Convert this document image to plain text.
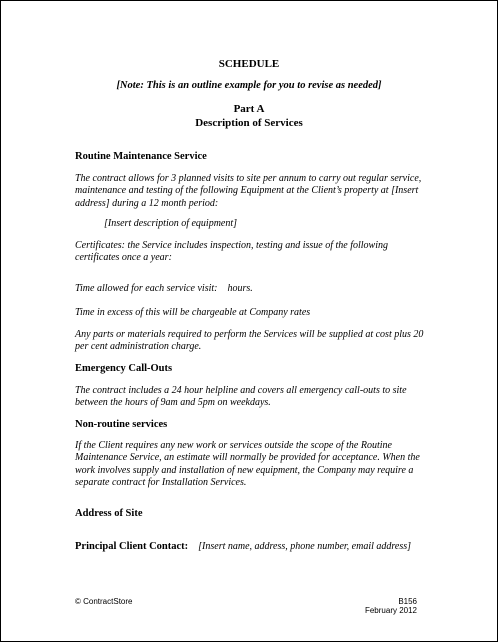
SCHEDULE
[Note: This is an outline example for you to revise as needed]
Part A
Description of Services
Routine Maintenance Service
The contract allows for 3 planned visits to site per annum to carry out regular service, maintenance and testing of the following Equipment at the Client’s property at [Insert address] during a 12 month period:
[Insert description of equipment]
Certificates: the Service includes inspection, testing and issue of the following certificates once a year:
Time allowed for each service visit:    hours.
Time in excess of this will be chargeable at Company rates
Any parts or materials required to perform the Services will be supplied at cost plus 20 per cent administration charge.
Emergency Call-Outs
The contract includes a 24 hour helpline and covers all emergency call-outs to site between the hours of 9am and 5pm on weekdays.
Non-routine services
If the Client requires any new work or services outside the scope of the Routine Maintenance Service, an estimate will normally be provided for acceptance. When the work involves supply and installation of new equipment, the Company may require a separate contract for Installation Services.
Address of Site
Principal Client Contact: [Insert name, address, phone number, email address]
© ContractStore	B156
February 2012
